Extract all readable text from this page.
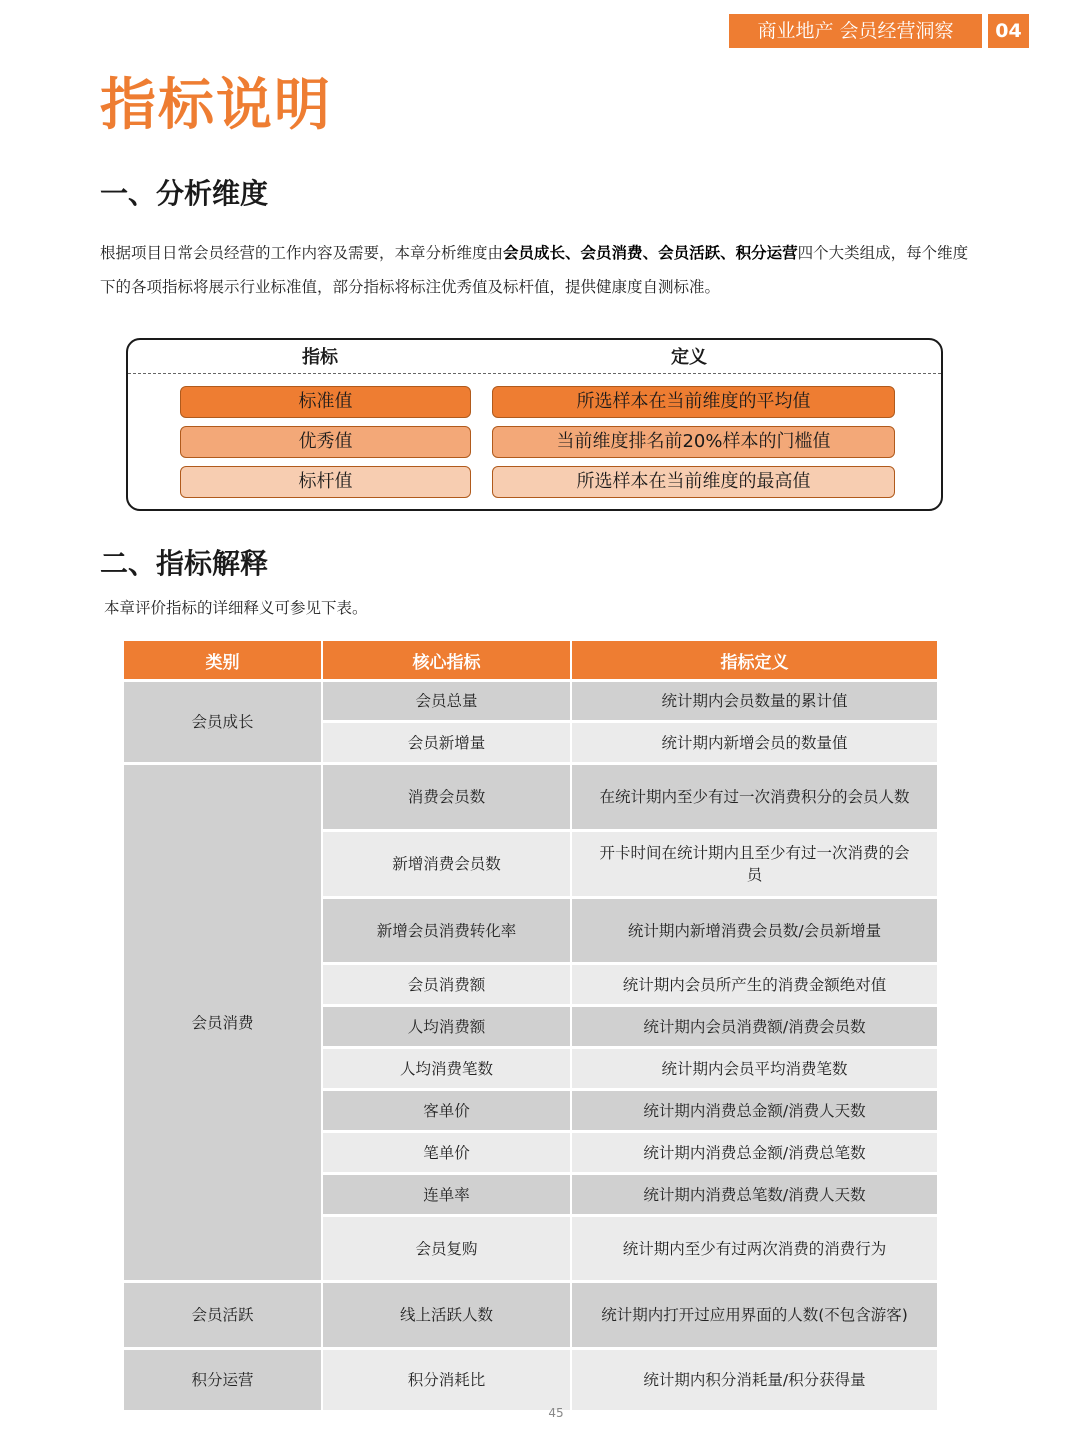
商业地产 会员经营洞察	04
指标说明
一、分析维度

根据项目日常会员经营的工作内容及需要，本章分析维度由会员成长、会员消费、会员活跃、积分运营四个大类组成，每个维度下的各项指标将展示行业标准值，部分指标将标注优秀值及标杆值，提供健康度自测标准。

指标	定义
标准值	所选样本在当前维度的平均值
优秀值	当前维度排名前20%样本的门槛值
标杆值	所选样本在当前维度的最高值
二、指标解释
本章评价指标的详细释义可参见下表。
类别	核心指标	指标定义
会员成长	会员总量	统计期内会员数量的累计值
	会员新增量	统计期内新增会员的数量值
会员消费	消费会员数	在统计期内至少有过一次消费积分的会员人数
	新增消费会员数	开卡时间在统计期内且至少有过一次消费的会员
	新增会员消费转化率	统计期内新增消费会员数/会员新增量
	会员消费额	统计期内会员所产生的消费金额绝对值
	人均消费额	统计期内会员消费额/消费会员数
	人均消费笔数	统计期内会员平均消费笔数
	客单价	统计期内消费总金额/消费人天数
	笔单价	统计期内消费总金额/消费总笔数
	连单率	统计期内消费总笔数/消费人天数
	会员复购	统计期内至少有过两次消费的消费行为
会员活跃	线上活跃人数	统计期内打开过应用界面的人数(不包含游客)
积分运营	积分消耗比	统计期内积分消耗量/积分获得量
45
